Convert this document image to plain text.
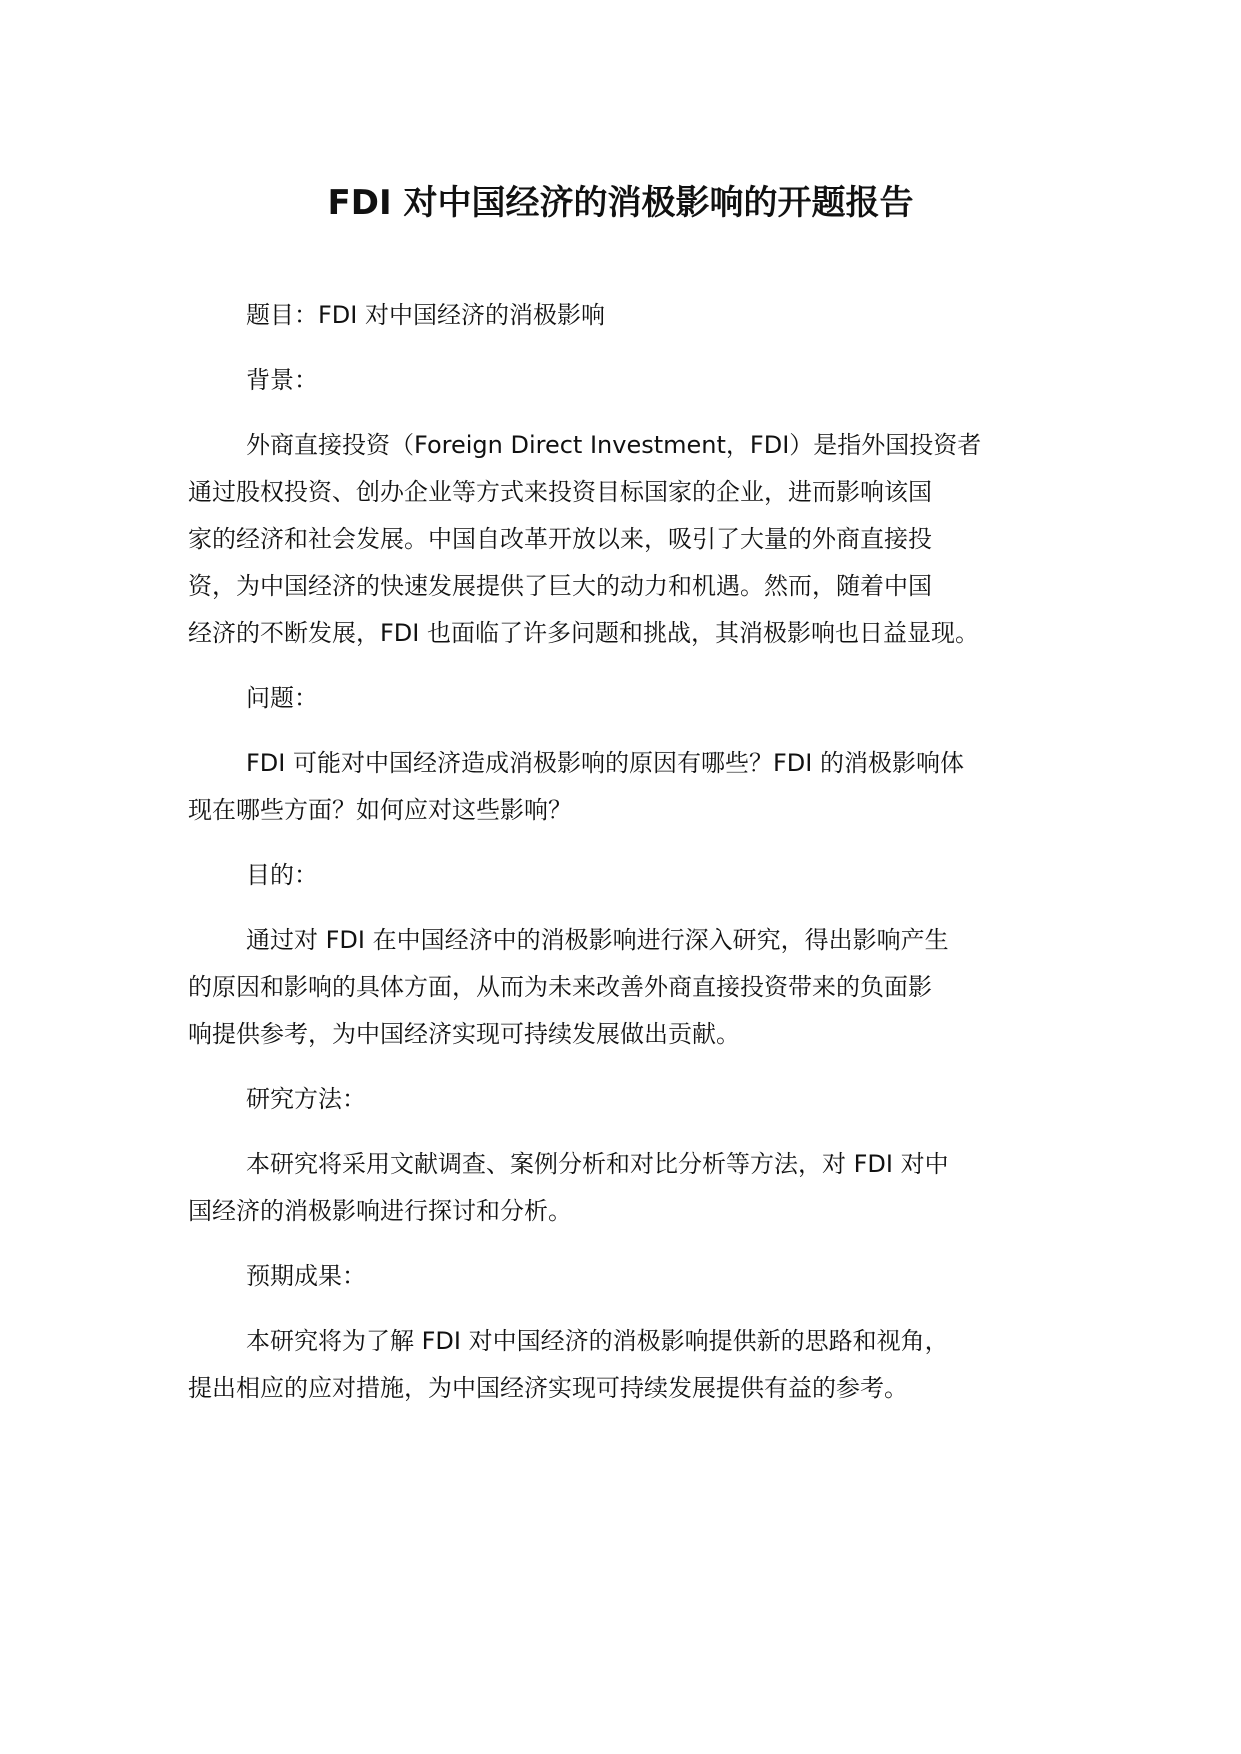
FDI 对中国经济的消极影响的开题报告

题目：FDI 对中国经济的消极影响

背景：

外商直接投资（Foreign Direct Investment，FDI）是指外国投资者
通过股权投资、创办企业等方式来投资目标国家的企业，进而影响该国
家的经济和社会发展。中国自改革开放以来，吸引了大量的外商直接投
资，为中国经济的快速发展提供了巨大的动力和机遇。然而，随着中国
经济的不断发展，FDI 也面临了许多问题和挑战，其消极影响也日益显现。

问题：

FDI 可能对中国经济造成消极影响的原因有哪些？FDI 的消极影响体
现在哪些方面？如何应对这些影响？

目的：

通过对 FDI 在中国经济中的消极影响进行深入研究，得出影响产生
的原因和影响的具体方面，从而为未来改善外商直接投资带来的负面影
响提供参考，为中国经济实现可持续发展做出贡献。

研究方法：

本研究将采用文献调查、案例分析和对比分析等方法，对 FDI 对中
国经济的消极影响进行探讨和分析。

预期成果：

本研究将为了解 FDI 对中国经济的消极影响提供新的思路和视角，
提出相应的应对措施，为中国经济实现可持续发展提供有益的参考。
